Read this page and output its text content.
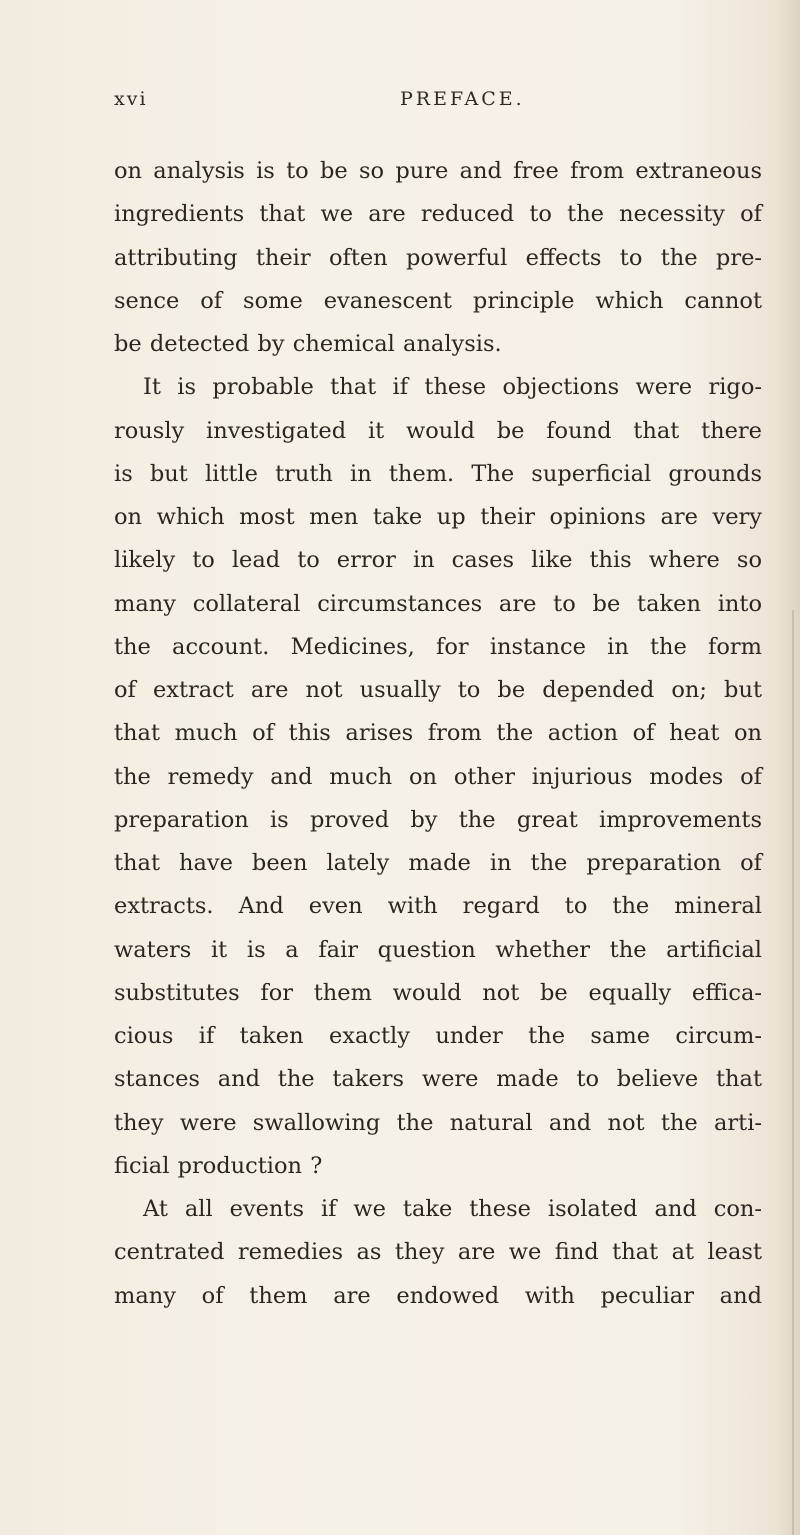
xvi	PREFACE.
on analysis is to be so pure and free from extraneous
ingredients that we are reduced to the necessity of
attributing their often powerful effects to the pre-
sence of some evanescent principle which cannot
be detected by chemical analysis.
It is probable that if these objections were rigo-
rously investigated it would be found that there
is but little truth in them. The superficial grounds
on which most men take up their opinions are very
likely to lead to error in cases like this where so
many collateral circumstances are to be taken into
the account. Medicines, for instance in the form
of extract are not usually to be depended on; but
that much of this arises from the action of heat on
the remedy and much on other injurious modes of
preparation is proved by the great improvements
that have been lately made in the preparation of
extracts. And even with regard to the mineral
waters it is a fair question whether the artificial
substitutes for them would not be equally effica-
cious if taken exactly under the same circum-
stances and the takers were made to believe that
they were swallowing the natural and not the arti-
ficial production ?
At all events if we take these isolated and con-
centrated remedies as they are we find that at least
many of them are endowed with peculiar and
